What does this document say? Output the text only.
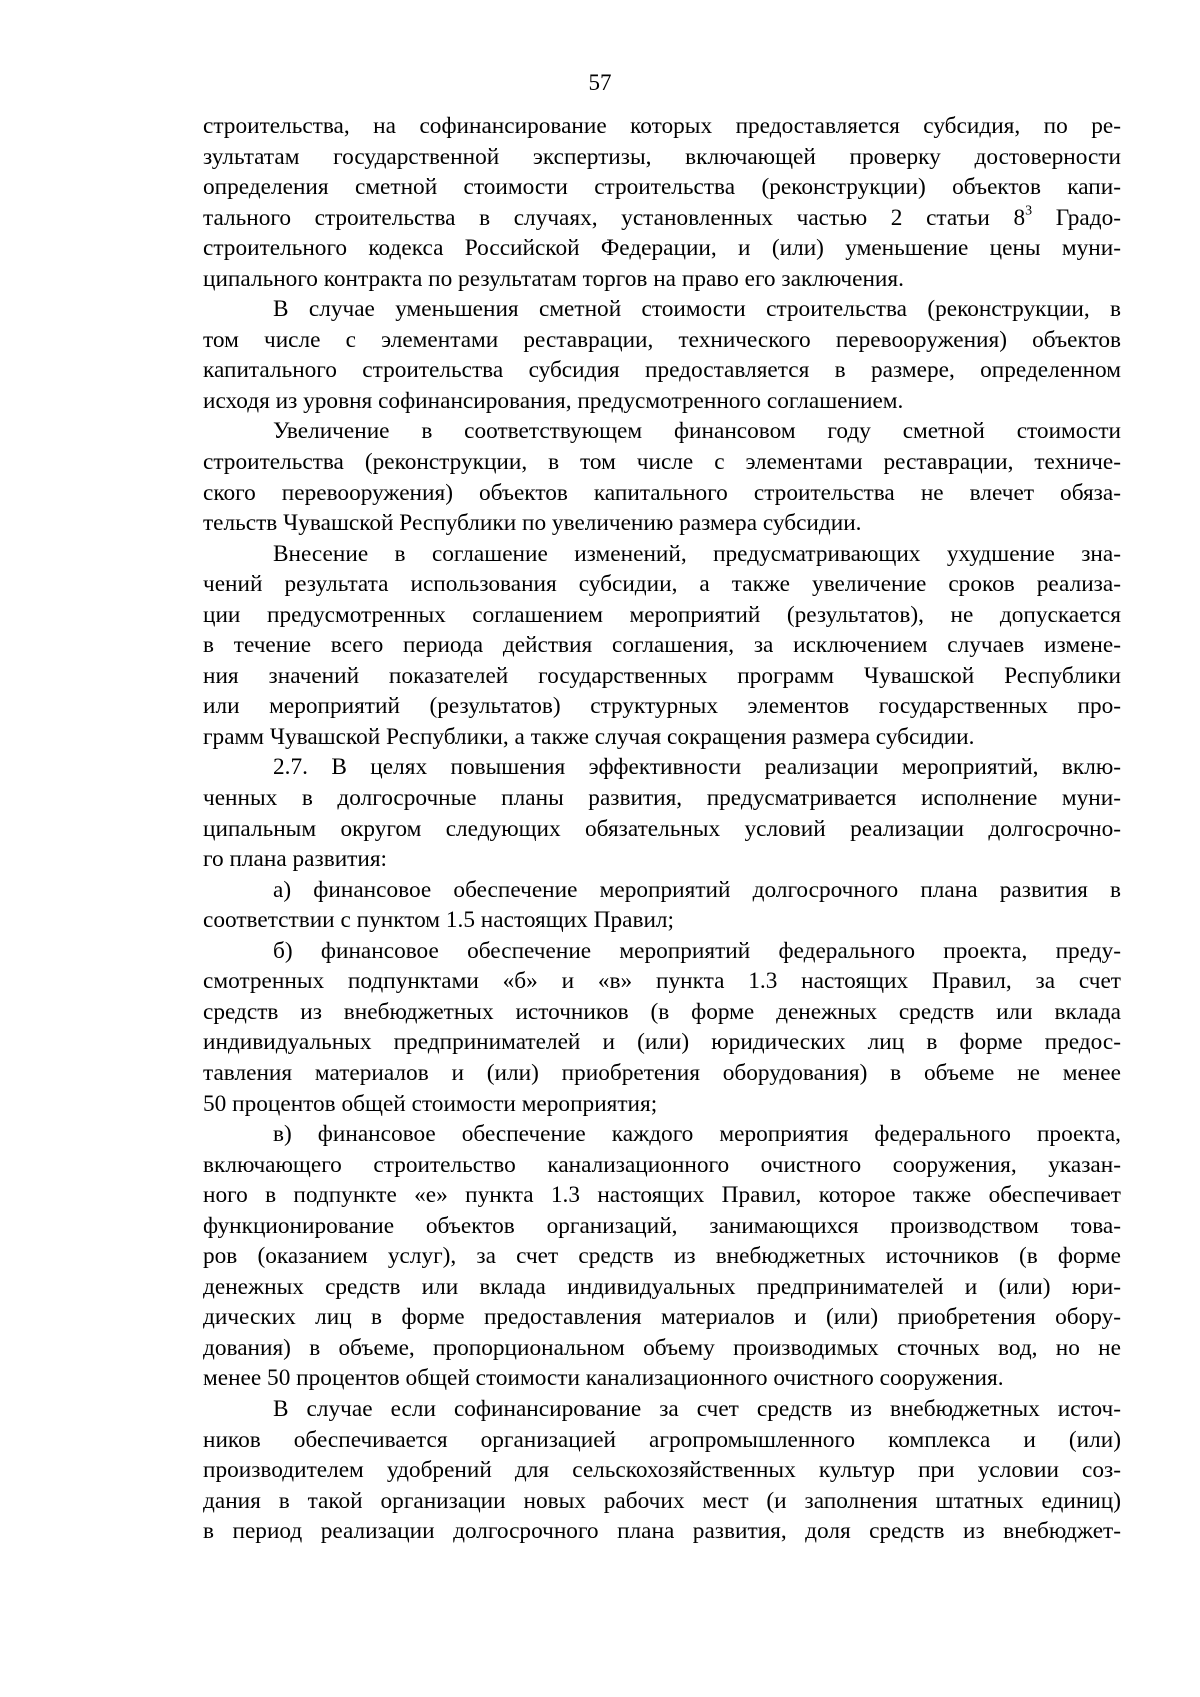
57
строительства, на софинансирование которых предоставляется субсидия, по ре-
зультатам государственной экспертизы, включающей проверку достоверности
определения сметной стоимости строительства (реконструкции) объектов капи-
тального строительства в случаях, установленных частью 2 статьи $8^3$ Градо-
строительного кодекса Российской Федерации, и (или) уменьшение цены муни-
ципального контракта по результатам торгов на право его заключения.
В случае уменьшения сметной стоимости строительства (реконструкции, в
том числе с элементами реставрации, технического перевооружения) объектов
капитального строительства субсидия предоставляется в размере, определенном
исходя из уровня софинансирования, предусмотренного соглашением.
Увеличение в соответствующем финансовом году сметной стоимости
строительства (реконструкции, в том числе с элементами реставрации, техниче-
ского перевооружения) объектов капитального строительства не влечет обяза-
тельств Чувашской Республики по увеличению размера субсидии.
Внесение в соглашение изменений, предусматривающих ухудшение зна-
чений результата использования субсидии, а также увеличение сроков реализа-
ции предусмотренных соглашением мероприятий (результатов), не допускается
в течение всего периода действия соглашения, за исключением случаев измене-
ния значений показателей государственных программ Чувашской Республики
или мероприятий (результатов) структурных элементов государственных про-
грамм Чувашской Республики, а также случая сокращения размера субсидии.
2.7. В целях повышения эффективности реализации мероприятий, вклю-
ченных в долгосрочные планы развития, предусматривается исполнение муни-
ципальным округом следующих обязательных условий реализации долгосрочно-
го плана развития:
а) финансовое обеспечение мероприятий долгосрочного плана развития в
соответствии с пунктом 1.5 настоящих Правил;
б) финансовое обеспечение мероприятий федерального проекта, преду-
смотренных подпунктами «б» и «в» пункта 1.3 настоящих Правил, за счет
средств из внебюджетных источников (в форме денежных средств или вклада
индивидуальных предпринимателей и (или) юридических лиц в форме предос-
тавления материалов и (или) приобретения оборудования) в объеме не менее
50 процентов общей стоимости мероприятия;
в) финансовое обеспечение каждого мероприятия федерального проекта,
включающего строительство канализационного очистного сооружения, указан-
ного в подпункте «е» пункта 1.3 настоящих Правил, которое также обеспечивает
функционирование объектов организаций, занимающихся производством това-
ров (оказанием услуг), за счет средств из внебюджетных источников (в форме
денежных средств или вклада индивидуальных предпринимателей и (или) юри-
дических лиц в форме предоставления материалов и (или) приобретения обору-
дования) в объеме, пропорциональном объему производимых сточных вод, но не
менее 50 процентов общей стоимости канализационного очистного сооружения.
В случае если софинансирование за счет средств из внебюджетных источ-
ников обеспечивается организацией агропромышленного комплекса и (или)
производителем удобрений для сельскохозяйственных культур при условии соз-
дания в такой организации новых рабочих мест (и заполнения штатных единиц)
в период реализации долгосрочного плана развития, доля средств из внебюджет-
